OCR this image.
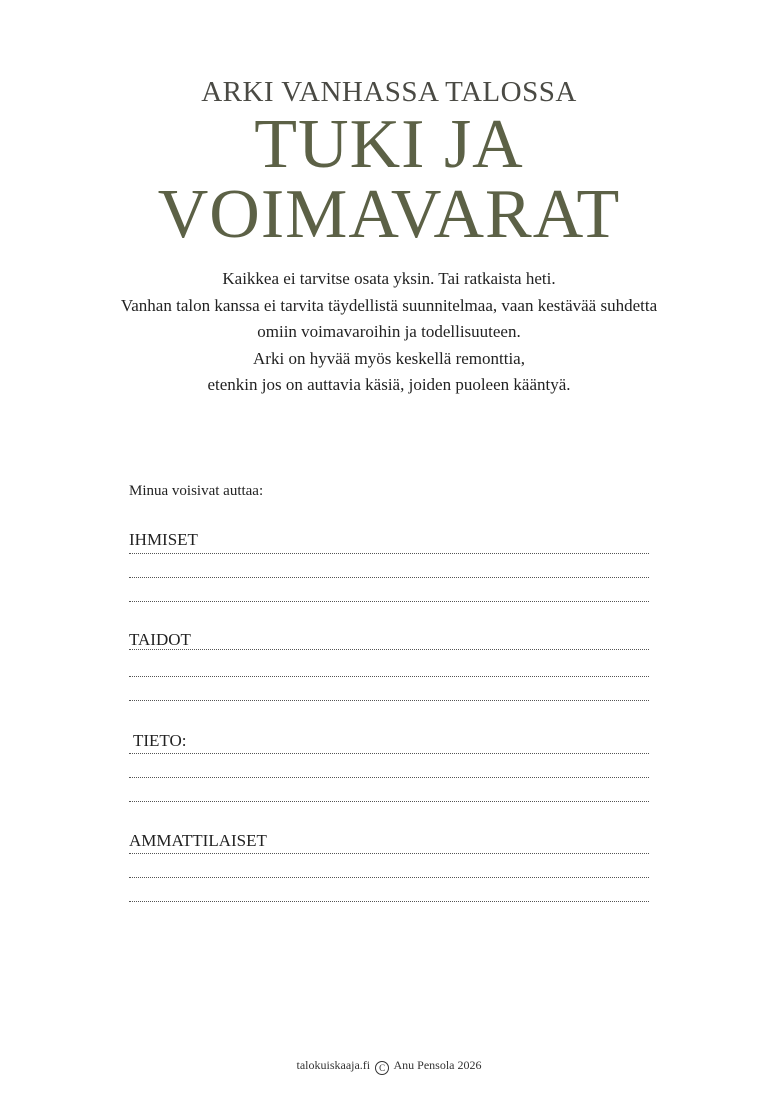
ARKI VANHASSA TALOSSA
TUKI JA
VOIMAVARAT
Kaikkea ei tarvitse osata yksin. Tai ratkaista heti.
Vanhan talon kanssa ei tarvita täydellistä suunnitelmaa, vaan kestävää suhdetta
omiin voimavaroihin ja todellisuuteen.
Arki on hyvää myös keskellä remonttia,
etenkin jos on auttavia käsiä, joiden puoleen kääntyä.
Minua voisivat auttaa:
IHMISET
TAIDOT
TIETO:
AMMATTILAISET
talokuiskaaja.fi C Anu Pensola 2026
